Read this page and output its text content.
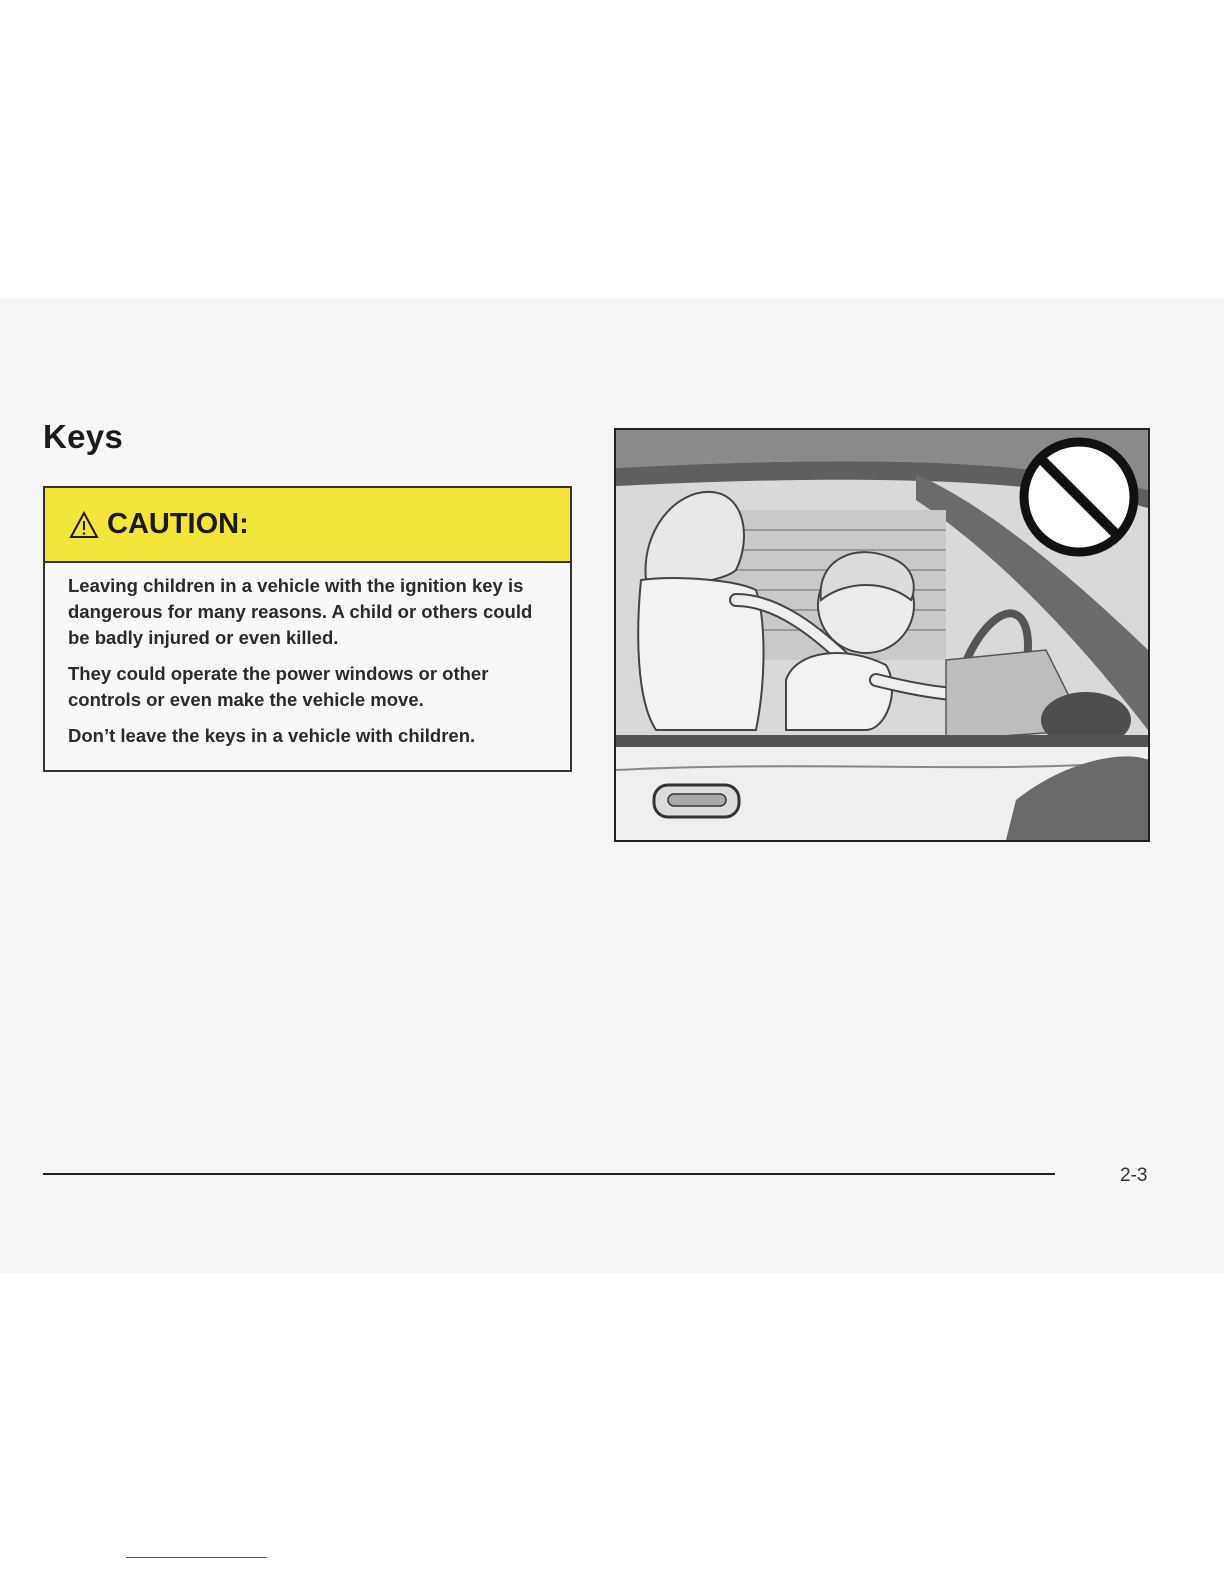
Keys
CAUTION:

Leaving children in a vehicle with the ignition key is dangerous for many reasons. A child or others could be badly injured or even killed.

They could operate the power windows or other controls or even make the vehicle move.

Don’t leave the keys in a vehicle with children.

2-3
